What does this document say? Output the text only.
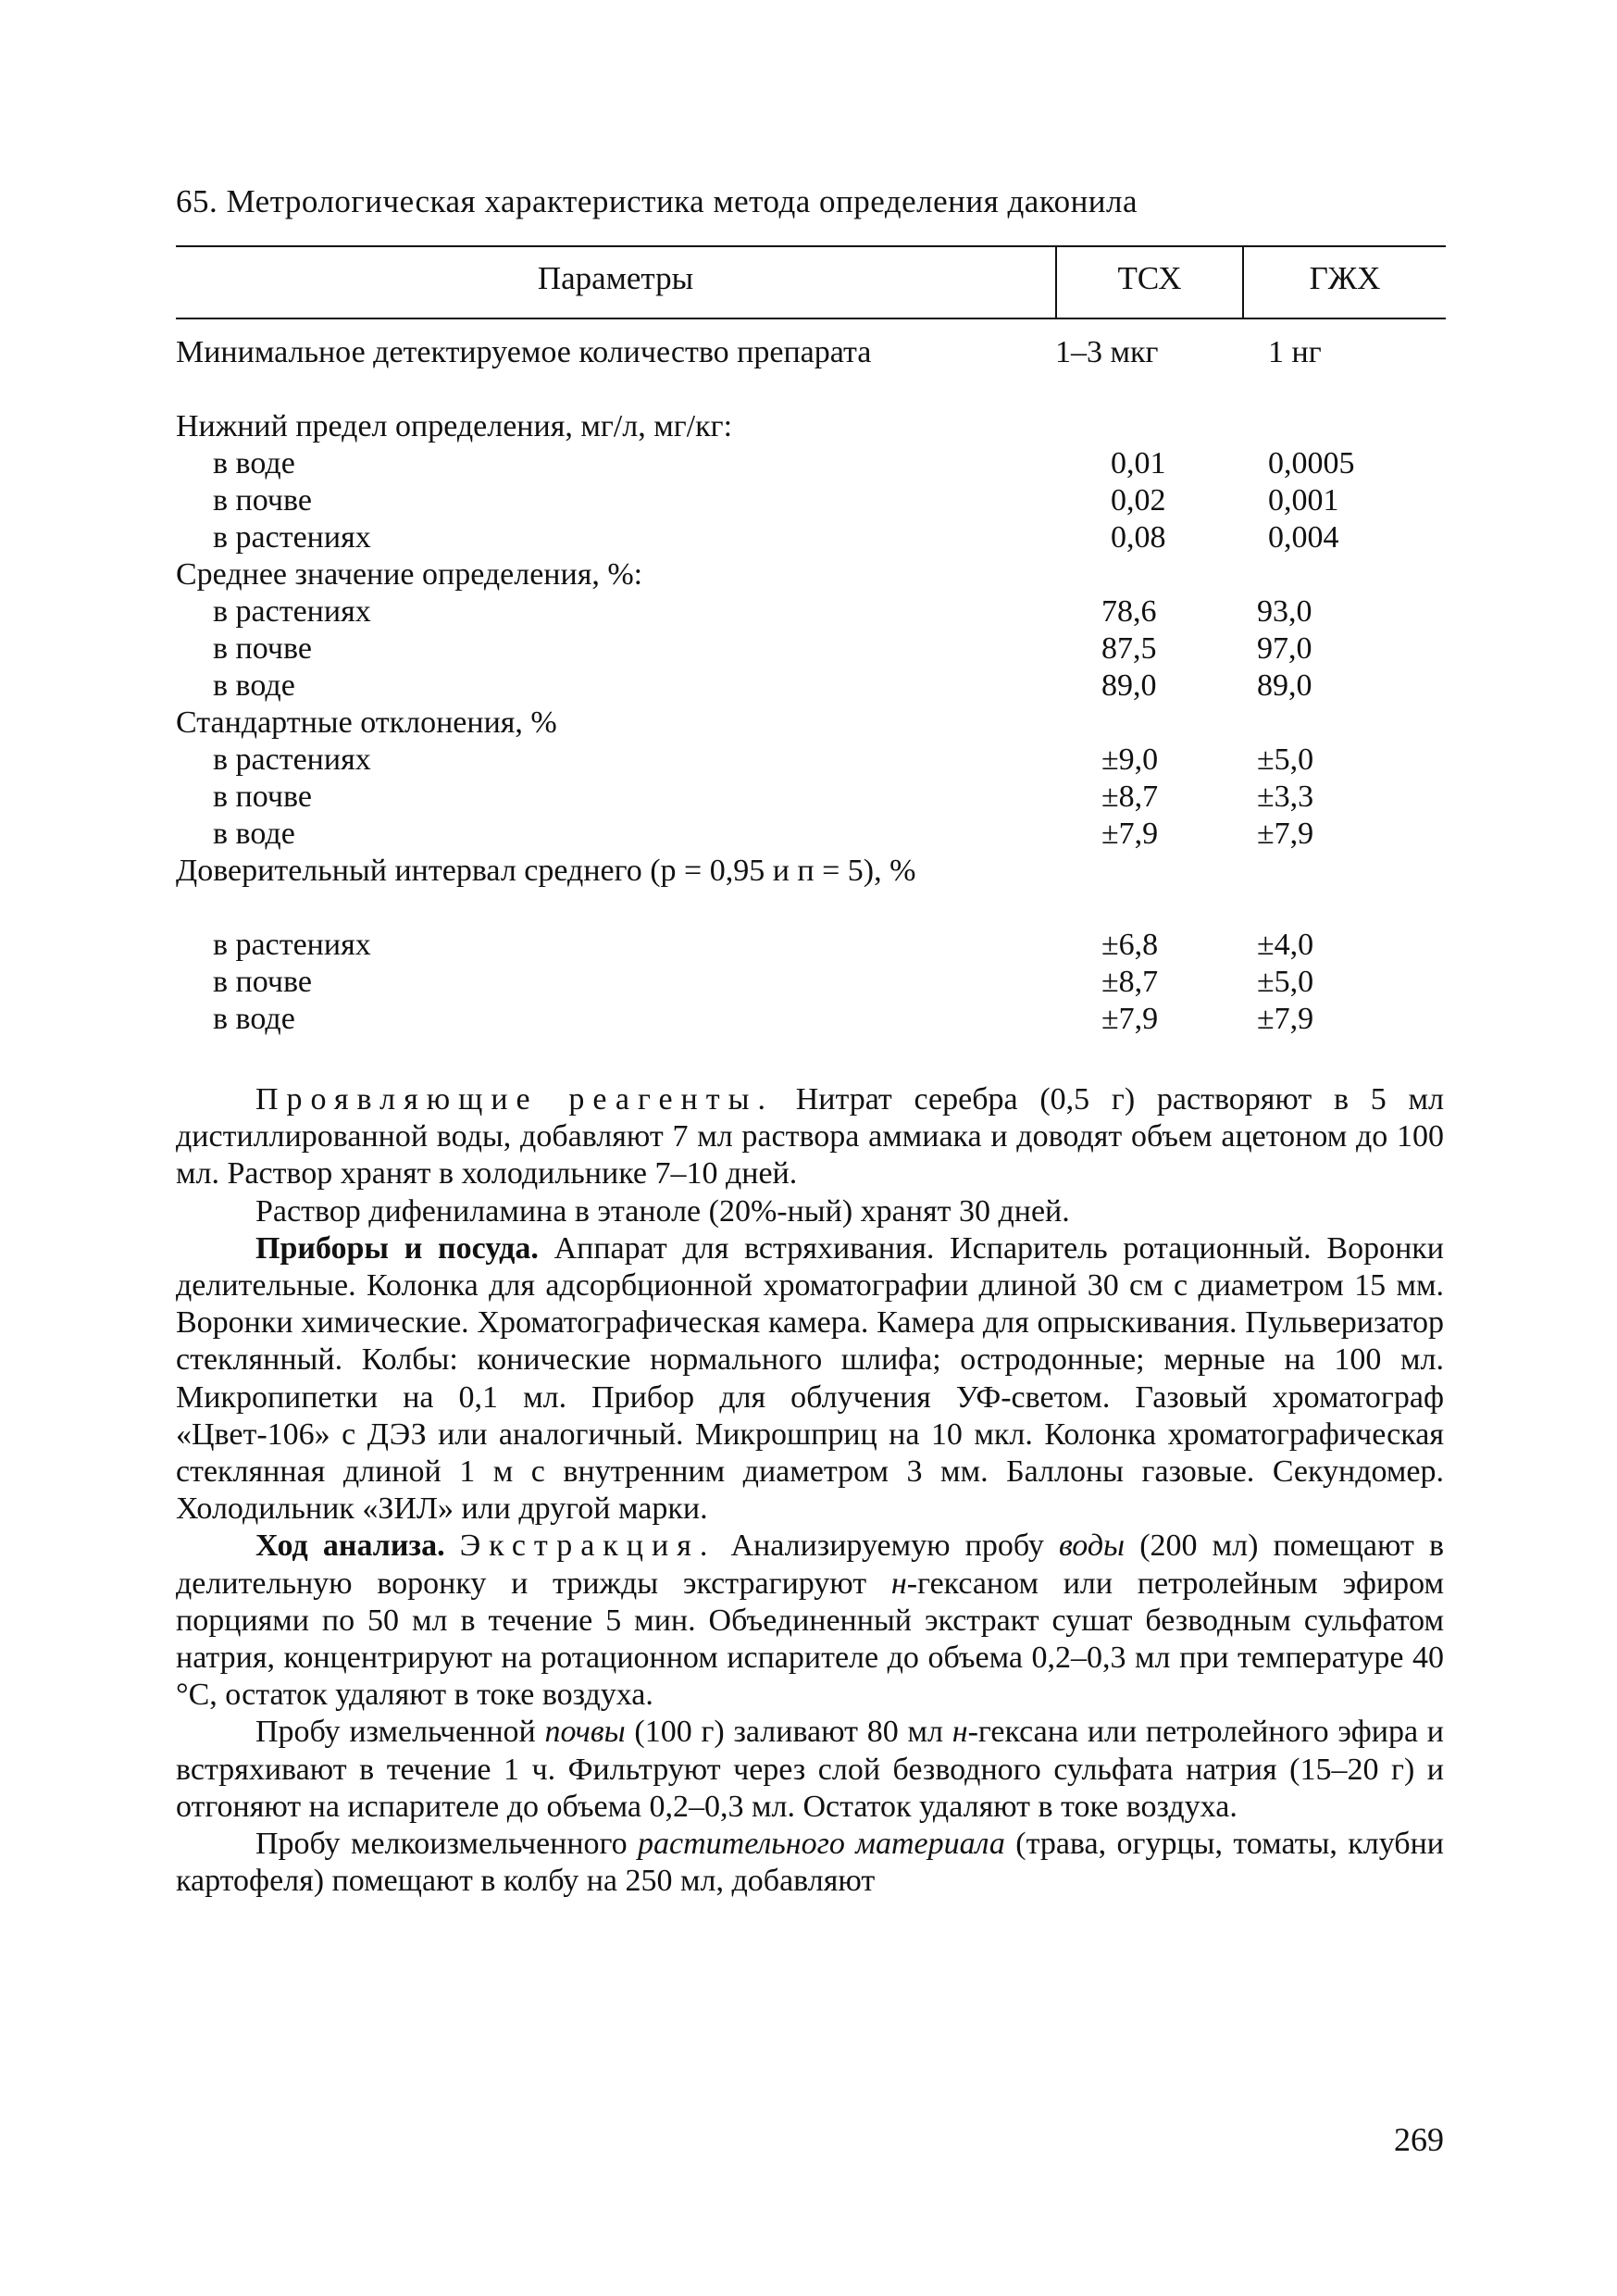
65. Метрологическая характеристика метода определения даконила
Параметры	ТСХ	ГЖХ
Минимальное детектируемое количество препарата	1–3 мкг	1 нг
Нижний предел определения, мг/л, мг/кг:
в воде	0,01	0,0005
в почве	0,02	0,001
в растениях	0,08	0,004
Среднее значение определения, %:
в растениях	78,6	93,0
в почве	87,5	97,0
в воде	89,0	89,0
Стандартные отклонения, %
в растениях	±9,0	±5,0
в почве	±8,7	±3,3
в воде	±7,9	±7,9
Доверительный интервал среднего (р = 0,95 и п = 5), %
в растениях	±6,8	±4,0
в почве	±8,7	±5,0
в воде	±7,9	±7,9

Проявляющие реагенты. Нитрат серебра (0,5 г) растворяют в 5 мл дистиллированной воды, добавляют 7 мл раствора аммиака и доводят объем ацетоном до 100 мл. Раствор хранят в холодильнике 7–10 дней.

Раствор дифениламина в этаноле (20%-ный) хранят 30 дней.

Приборы и посуда. Аппарат для встряхивания. Испаритель ротационный. Воронки делительные. Колонка для адсорбционной хроматографии длиной 30 см с диаметром 15 мм. Воронки химические. Хроматографическая камера. Камера для опрыскивания. Пульверизатор стеклянный. Колбы: конические нормального шлифа; остродонные; мерные на 100 мл. Микропипетки на 0,1 мл. Прибор для облучения УФ-светом. Газовый хроматограф «Цвет-106» с ДЭЗ или аналогичный. Микрошприц на 10 мкл. Колонка хроматографическая стеклянная длиной 1 м с внутренним диаметром 3 мм. Баллоны газовые. Секундомер. Холодильник «ЗИЛ» или другой марки.

Ход анализа. Экстракция. Анализируемую пробу воды (200 мл) помещают в делительную воронку и трижды экстрагируют н-гексаном или петролейным эфиром порциями по 50 мл в течение 5 мин. Объединенный экстракт сушат безводным сульфатом натрия, концентрируют на ротационном испарителе до объема 0,2–0,3 мл при температуре 40 °С, остаток удаляют в токе воздуха.

Пробу измельченной почвы (100 г) заливают 80 мл н-гексана или петролейного эфира и встряхивают в течение 1 ч. Фильтруют через слой безводного сульфата натрия (15–20 г) и отгоняют на испарителе до объема 0,2–0,3 мл. Остаток удаляют в токе воздуха.

Пробу мелкоизмельченного растительного материала (трава, огурцы, томаты, клубни картофеля) помещают в колбу на 250 мл, добавляют

269
